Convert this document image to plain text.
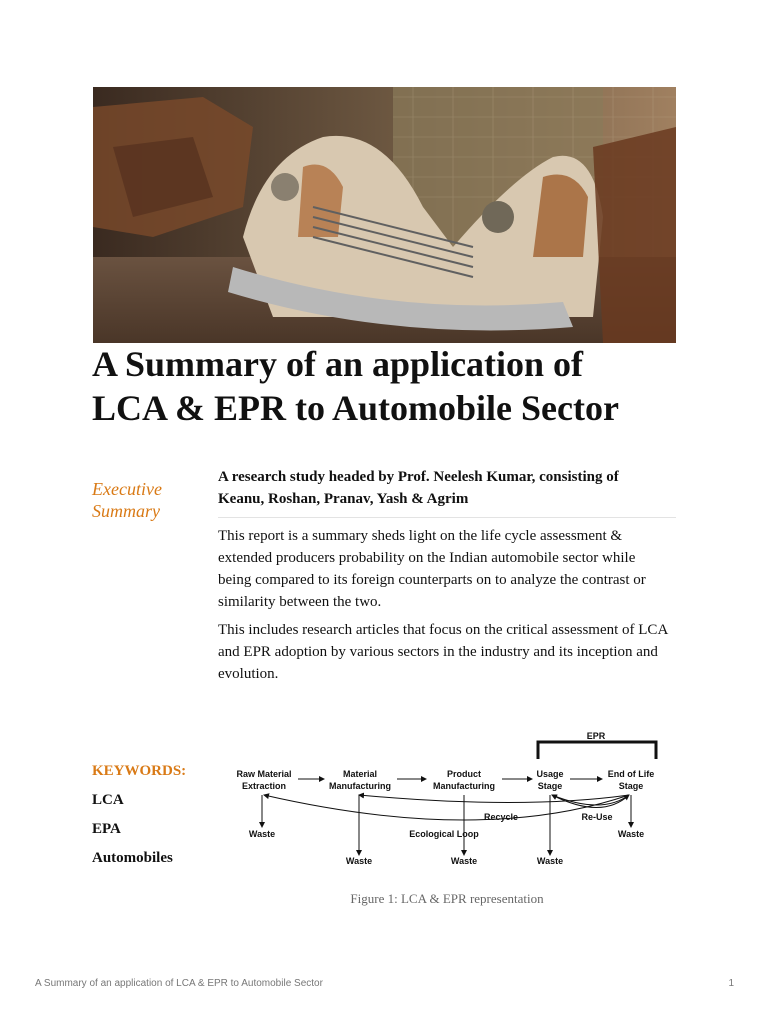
A Summary of an application of
LCA & EPR to Automobile Sector
Executive
Summary
A research study headed by Prof. Neelesh Kumar, consisting of Keanu, Roshan, Pranav, Yash & Agrim

This report is a summary sheds light on the life cycle assessment & extended producers probability on the Indian automobile sector while being compared to its foreign counterparts on to analyze the contrast or similarity between the two.

This includes research articles that focus on the critical assessment of LCA and EPR adoption by various sectors in the industry and its inception and evolution.

KEYWORDS:
LCA
EPA
Automobiles
EPR
Raw Material
Extraction
Material
Manufacturing
Product
Manufacturing
Usage
Stage
End of Life
Stage
Waste
Waste	Waste	Waste
Waste
Recycle	Re-Use
Ecological Loop
Figure 1: LCA & EPR representation
A Summary of an application of LCA & EPR to Automobile Sector	1
